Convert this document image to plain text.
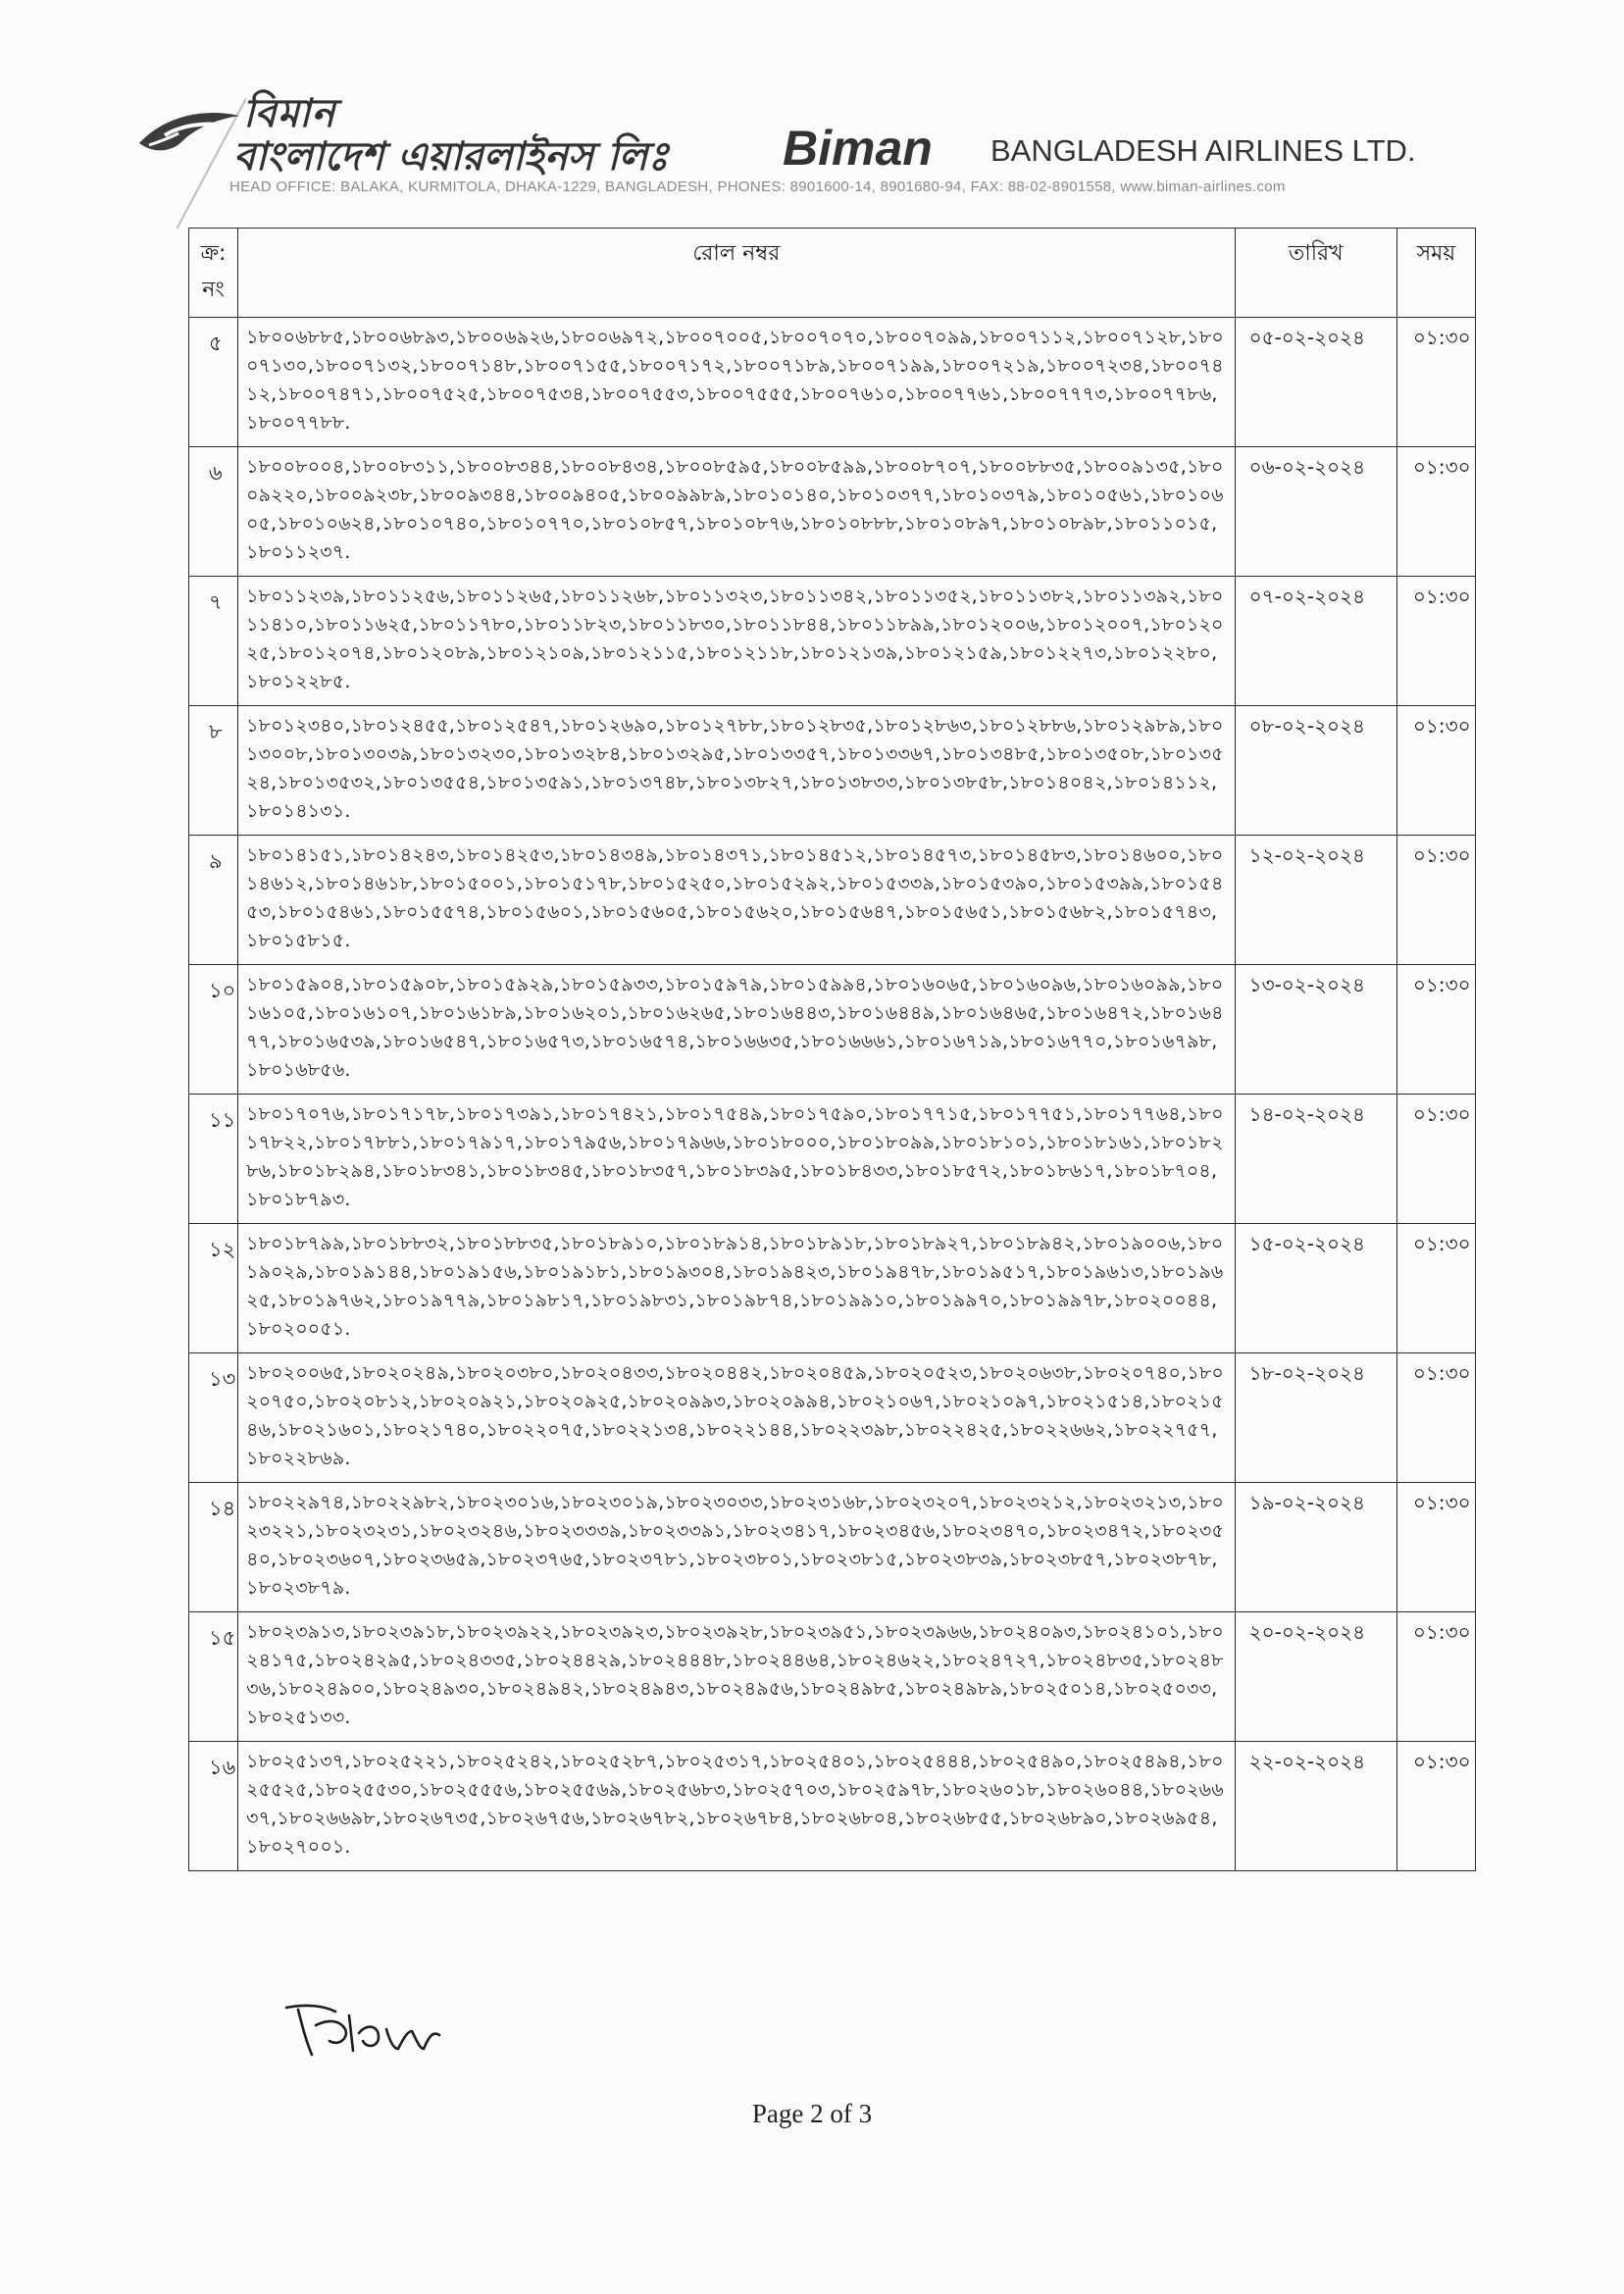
বিমান
বাংলাদেশ এয়ারলাইনস লিঃ Biman BANGLADESH AIRLINES LTD.
HEAD OFFICE: BALAKA, KURMITOLA, DHAKA-1229, BANGLADESH, PHONES: 8901600-14, 8901680-94, FAX: 88-02-8901558, www.biman-airlines.com
ক্র: নং	রোল নম্বর	তারিখ	সময়
৫	১৮০০৬৮৮৫,১৮০০৬৮৯৩,১৮০০৬৯২৬,১৮০০৬৯৭২,১৮০০৭০০৫,১৮০০৭০৭০,১৮০০৭০৯৯,১৮০০৭১১২,১৮০০৭১২৮,১৮০০৭১৩০,১৮০০৭১৩২,১৮০০৭১৪৮,১৮০০৭১৫৫,১৮০০৭১৭২,১৮০০৭১৮৯,১৮০০৭১৯৯,১৮০০৭২১৯,১৮০০৭২৩৪,১৮০০৭৪১২,১৮০০৭৪৭১,১৮০০৭৫২৫,১৮০০৭৫৩৪,১৮০০৭৫৫৩,১৮০০৭৫৫৫,১৮০০৭৬১০,১৮০০৭৭৬১,১৮০০৭৭৭৩,১৮০০৭৭৮৬,১৮০০৭৭৮৮.	০৫-০২-২০২৪	০১:৩০
৬	১৮০০৮০০৪,১৮০০৮৩১১,১৮০০৮৩৪৪,১৮০০৮৪৩৪,১৮০০৮৫৯৫,১৮০০৮৫৯৯,১৮০০৮৭০৭,১৮০০৮৮৩৫,১৮০০৯১৩৫,১৮০০৯২২০,১৮০০৯২৩৮,১৮০০৯৩৪৪,১৮০০৯৪০৫,১৮০০৯৯৮৯,১৮০১০১৪০,১৮০১০৩৭৭,১৮০১০৩৭৯,১৮০১০৫৬১,১৮০১০৬০৫,১৮০১০৬২৪,১৮০১০৭৪০,১৮০১০৭৭০,১৮০১০৮৫৭,১৮০১০৮৭৬,১৮০১০৮৮৮,১৮০১০৮৯৭,১৮০১০৮৯৮,১৮০১১০১৫,১৮০১১২৩৭.	০৬-০২-২০২৪	০১:৩০
৭	১৮০১১২৩৯,১৮০১১২৫৬,১৮০১১২৬৫,১৮০১১২৬৮,১৮০১১৩২৩,১৮০১১৩৪২,১৮০১১৩৫২,১৮০১১৩৮২,১৮০১১৩৯২,১৮০১১৪১০,১৮০১১৬২৫,১৮০১১৭৮০,১৮০১১৮২৩,১৮০১১৮৩০,১৮০১১৮৪৪,১৮০১১৮৯৯,১৮০১২০০৬,১৮০১২০০৭,১৮০১২০২৫,১৮০১২০৭৪,১৮০১২০৮৯,১৮০১২১০৯,১৮০১২১১৫,১৮০১২১১৮,১৮০১২১৩৯,১৮০১২১৫৯,১৮০১২২৭৩,১৮০১২২৮০,১৮০১২২৮৫.	০৭-০২-২০২৪	০১:৩০
৮	১৮০১২৩৪০,১৮০১২৪৫৫,১৮০১২৫৪৭,১৮০১২৬৯০,১৮০১২৭৮৮,১৮০১২৮৩৫,১৮০১২৮৬৩,১৮০১২৮৮৬,১৮০১২৯৮৯,১৮০১৩০০৮,১৮০১৩০৩৯,১৮০১৩২৩০,১৮০১৩২৮৪,১৮০১৩২৯৫,১৮০১৩৩৫৭,১৮০১৩৩৬৭,১৮০১৩৪৮৫,১৮০১৩৫০৮,১৮০১৩৫২৪,১৮০১৩৫৩২,১৮০১৩৫৫৪,১৮০১৩৫৯১,১৮০১৩৭৪৮,১৮০১৩৮২৭,১৮০১৩৮৩৩,১৮০১৩৮৫৮,১৮০১৪০৪২,১৮০১৪১১২,১৮০১৪১৩১.	০৮-০২-২০২৪	০১:৩০
৯	১৮০১৪১৫১,১৮০১৪২৪৩,১৮০১৪২৫৩,১৮০১৪৩৪৯,১৮০১৪৩৭১,১৮০১৪৫১২,১৮০১৪৫৭৩,১৮০১৪৫৮৩,১৮০১৪৬০০,১৮০১৪৬১২,১৮০১৪৬১৮,১৮০১৫০০১,১৮০১৫১৭৮,১৮০১৫২৫০,১৮০১৫২৯২,১৮০১৫৩৩৯,১৮০১৫৩৯০,১৮০১৫৩৯৯,১৮০১৫৪৫৩,১৮০১৫৪৬১,১৮০১৫৫৭৪,১৮০১৫৬০১,১৮০১৫৬০৫,১৮০১৫৬২০,১৮০১৫৬৪৭,১৮০১৫৬৫১,১৮০১৫৬৮২,১৮০১৫৭৪৩,১৮০১৫৮১৫.	১২-০২-২০২৪	০১:৩০
১০	১৮০১৫৯০৪,১৮০১৫৯০৮,১৮০১৫৯২৯,১৮০১৫৯৩৩,১৮০১৫৯৭৯,১৮০১৫৯৯৪,১৮০১৬০৬৫,১৮০১৬০৯৬,১৮০১৬০৯৯,১৮০১৬১০৫,১৮০১৬১০৭,১৮০১৬১৮৯,১৮০১৬২০১,১৮০১৬২৬৫,১৮০১৬৪৪৩,১৮০১৬৪৪৯,১৮০১৬৪৬৫,১৮০১৬৪৭২,১৮০১৬৪৭৭,১৮০১৬৫৩৯,১৮০১৬৫৪৭,১৮০১৬৫৭৩,১৮০১৬৫৭৪,১৮০১৬৬৩৫,১৮০১৬৬৬১,১৮০১৬৭১৯,১৮০১৬৭৭০,১৮০১৬৭৯৮,১৮০১৬৮৫৬.	১৩-০২-২০২৪	০১:৩০
১১	১৮০১৭০৭৬,১৮০১৭১৭৮,১৮০১৭৩৯১,১৮০১৭৪২১,১৮০১৭৫৪৯,১৮০১৭৫৯০,১৮০১৭৭১৫,১৮০১৭৭৫১,১৮০১৭৭৬৪,১৮০১৭৮২২,১৮০১৭৮৮১,১৮০১৭৯১৭,১৮০১৭৯৫৬,১৮০১৭৯৬৬,১৮০১৮০০০,১৮০১৮০৯৯,১৮০১৮১০১,১৮০১৮১৬১,১৮০১৮২৮৬,১৮০১৮২৯৪,১৮০১৮৩৪১,১৮০১৮৩৪৫,১৮০১৮৩৫৭,১৮০১৮৩৯৫,১৮০১৮৪৩৩,১৮০১৮৫৭২,১৮০১৮৬১৭,১৮০১৮৭০৪,১৮০১৮৭৯৩.	১৪-০২-২০২৪	০১:৩০
১২	১৮০১৮৭৯৯,১৮০১৮৮৩২,১৮০১৮৮৩৫,১৮০১৮৯১০,১৮০১৮৯১৪,১৮০১৮৯১৮,১৮০১৮৯২৭,১৮০১৮৯৪২,১৮০১৯০০৬,১৮০১৯০২৯,১৮০১৯১৪৪,১৮০১৯১৫৬,১৮০১৯১৮১,১৮০১৯৩০৪,১৮০১৯৪২৩,১৮০১৯৪৭৮,১৮০১৯৫১৭,১৮০১৯৬১৩,১৮০১৯৬২৫,১৮০১৯৭৬২,১৮০১৯৭৭৯,১৮০১৯৮১৭,১৮০১৯৮৩১,১৮০১৯৮৭৪,১৮০১৯৯১০,১৮০১৯৯৭০,১৮০১৯৯৭৮,১৮০২০০৪৪,১৮০২০০৫১.	১৫-০২-২০২৪	০১:৩০
১৩	১৮০২০০৬৫,১৮০২০২৪৯,১৮০২০৩৮০,১৮০২০৪৩৩,১৮০২০৪৪২,১৮০২০৪৫৯,১৮০২০৫২৩,১৮০২০৬৩৮,১৮০২০৭৪০,১৮০২০৭৫০,১৮০২০৮১২,১৮০২০৯২১,১৮০২০৯২৫,১৮০২০৯৯৩,১৮০২০৯৯৪,১৮০২১০৬৭,১৮০২১০৯৭,১৮০২১৫১৪,১৮০২১৫৪৬,১৮০২১৬০১,১৮০২১৭৪০,১৮০২২০৭৫,১৮০২২১৩৪,১৮০২২১৪৪,১৮০২২৩৯৮,১৮০২২৪২৫,১৮০২২৬৬২,১৮০২২৭৫৭,১৮০২২৮৬৯.	১৮-০২-২০২৪	০১:৩০
১৪	১৮০২২৯৭৪,১৮০২২৯৮২,১৮০২৩০১৬,১৮০২৩০১৯,১৮০২৩০৩৩,১৮০২৩১৬৮,১৮০২৩২০৭,১৮০২৩২১২,১৮০২৩২১৩,১৮০২৩২২১,১৮০২৩২৩১,১৮০২৩২৪৬,১৮০২৩৩৩৯,১৮০২৩৩৯১,১৮০২৩৪১৭,১৮০২৩৪৫৬,১৮০২৩৪৭০,১৮০২৩৪৭২,১৮০২৩৫৪০,১৮০২৩৬০৭,১৮০২৩৬৫৯,১৮০২৩৭৬৫,১৮০২৩৭৮১,১৮০২৩৮০১,১৮০২৩৮১৫,১৮০২৩৮৩৯,১৮০২৩৮৫৭,১৮০২৩৮৭৮,১৮০২৩৮৭৯.	১৯-০২-২০২৪	০১:৩০
১৫	১৮০২৩৯১৩,১৮০২৩৯১৮,১৮০২৩৯২২,১৮০২৩৯২৩,১৮০২৩৯২৮,১৮০২৩৯৫১,১৮০২৩৯৬৬,১৮০২৪০৯৩,১৮০২৪১০১,১৮০২৪১৭৫,১৮০২৪২৯৫,১৮০২৪৩৩৫,১৮০২৪৪২৯,১৮০২৪৪৪৮,১৮০২৪৪৬৪,১৮০২৪৬২২,১৮০২৪৭২৭,১৮০২৪৮৩৫,১৮০২৪৮৩৬,১৮০২৪৯০০,১৮০২৪৯৩০,১৮০২৪৯৪২,১৮০২৪৯৪৩,১৮০২৪৯৫৬,১৮০২৪৯৮৫,১৮০২৪৯৮৯,১৮০২৫০১৪,১৮০২৫০৩৩,১৮০২৫১৩৩.	২০-০২-২০২৪	০১:৩০
১৬	১৮০২৫১৩৭,১৮০২৫২২১,১৮০২৫২৪২,১৮০২৫২৮৭,১৮০২৫৩১৭,১৮০২৫৪০১,১৮০২৫৪৪৪,১৮০২৫৪৯০,১৮০২৫৪৯৪,১৮০২৫৫২৫,১৮০২৫৫৩০,১৮০২৫৫৫৬,১৮০২৫৫৬৯,১৮০২৫৬৮৩,১৮০২৫৭০৩,১৮০২৫৯৭৮,১৮০২৬০১৮,১৮০২৬০৪৪,১৮০২৬৬৩৭,১৮০২৬৬৯৮,১৮০২৬৭৩৫,১৮০২৬৭৫৬,১৮০২৬৭৮২,১৮০২৬৭৮৪,১৮০২৬৮০৪,১৮০২৬৮৫৫,১৮০২৬৮৯০,১৮০২৬৯৫৪,১৮০২৭০০১.	২২-০২-২০২৪	০১:৩০
Page 2 of 3
